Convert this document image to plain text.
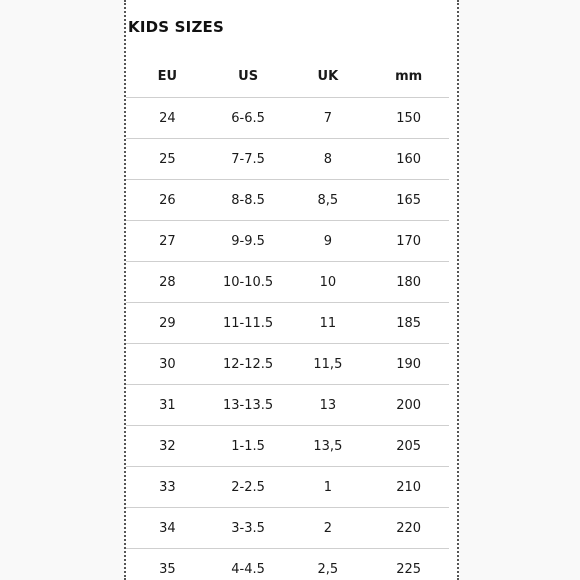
KIDS SIZES
EU	US	UK	mm
24	6-6.5	7	150
25	7-7.5	8	160
26	8-8.5	8,5	165
27	9-9.5	9	170
28	10-10.5	10	180
29	11-11.5	11	185
30	12-12.5	11,5	190
31	13-13.5	13	200
32	1-1.5	13,5	205
33	2-2.5	1	210
34	3-3.5	2	220
35	4-4.5	2,5	225
